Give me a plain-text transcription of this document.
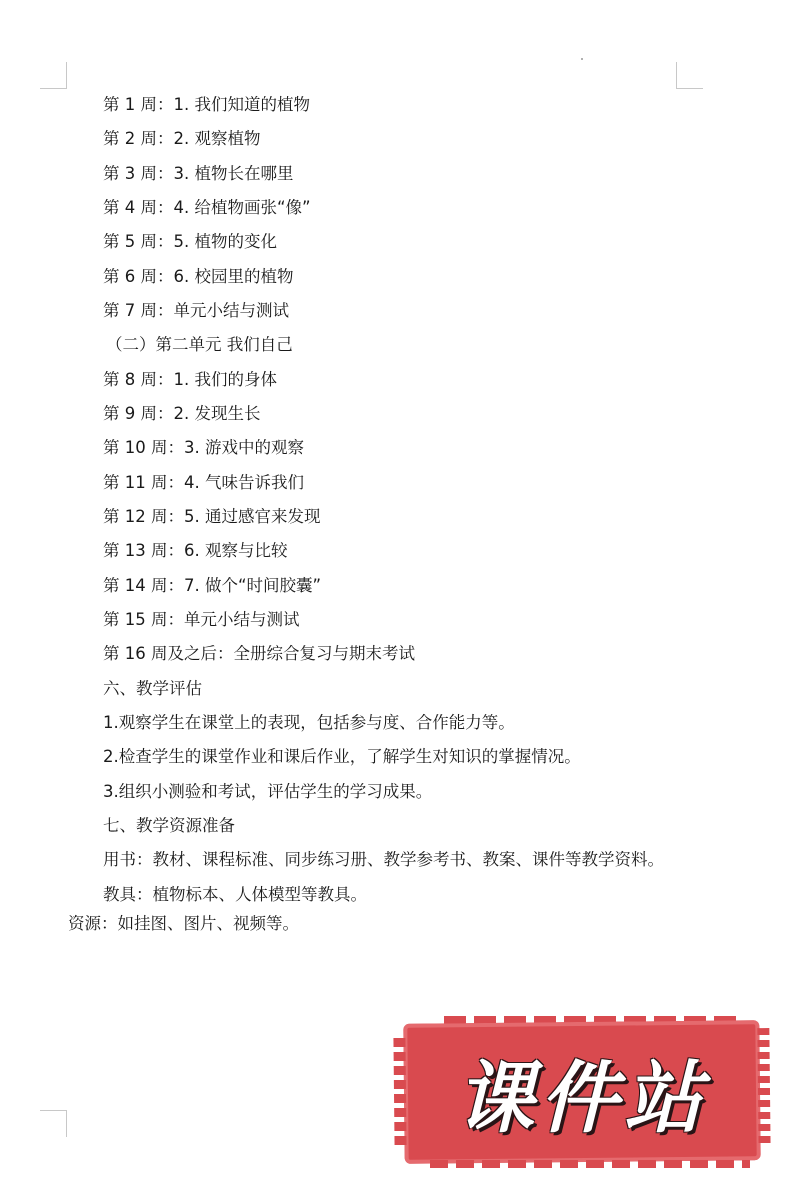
第 1 周：1. 我们知道的植物
第 2 周：2. 观察植物
第 3 周：3. 植物长在哪里
第 4 周：4. 给植物画张“像”
第 5 周：5. 植物的变化
第 6 周：6. 校园里的植物
第 7 周：单元小结与测试
（二）第二单元 我们自己
第 8 周：1. 我们的身体
第 9 周：2. 发现生长
第 10 周：3. 游戏中的观察
第 11 周：4. 气味告诉我们
第 12 周：5. 通过感官来发现
第 13 周：6. 观察与比较
第 14 周：7. 做个“时间胶囊”
第 15 周：单元小结与测试
第 16 周及之后：全册综合复习与期末考试
六、教学评估
1.观察学生在课堂上的表现，包括参与度、合作能力等。
2.检查学生的课堂作业和课后作业，了解学生对知识的掌握情况。
3.组织小测验和考试，评估学生的学习成果。
七、教学资源准备
用书：教材、课程标准、同步练习册、教学参考书、教案、课件等教学资料。
教具：植物标本、人体模型等教具。
资源：如挂图、图片、视频等。
课件站
